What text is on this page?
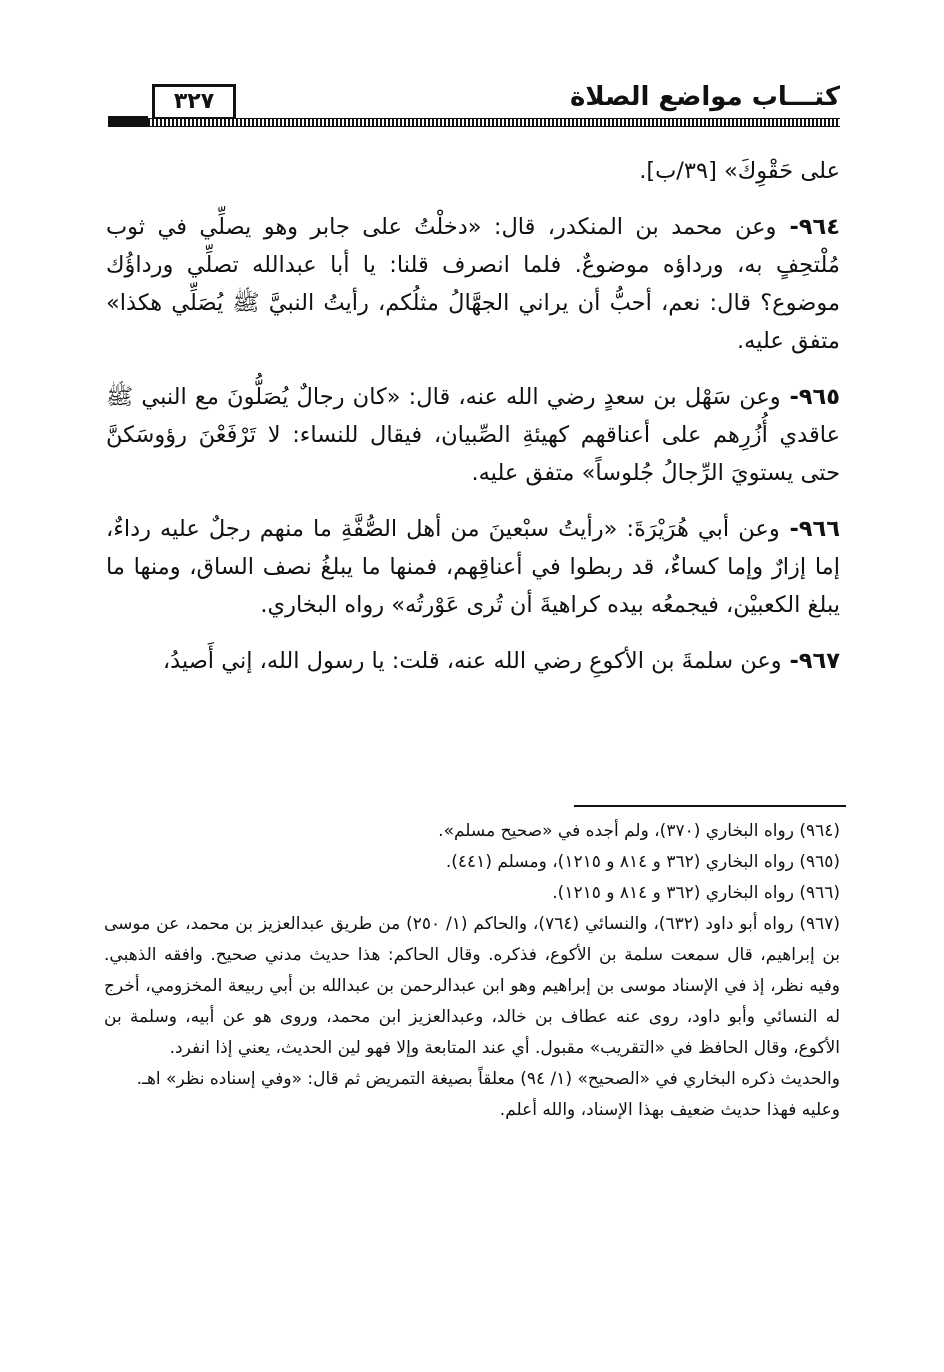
كتـــاب مواضع الصلاة
٣٢٧

على حَقْوِكَ» [٣٩/ب].

٩٦٤- وعن محمد بن المنكدر، قال: «دخلْتُ على جابر وهو يصلِّي في ثوب مُلْتحِفٍ به، ورداؤه موضوعٌ. فلما انصرف قلنا: يا أبا عبدالله تصلِّي ورداؤُك موضوع؟ قال: نعم، أحبُّ أن يراني الجهَّالُ مثلُكم، رأيتُ النبيَّ ﷺ يُصَلِّي هكذا» متفق عليه.

٩٦٥- وعن سَهْل بن سعدٍ رضي الله عنه، قال: «كان رجالٌ يُصَلُّونَ مع النبي ﷺ عاقدي أُزُرِهم على أعناقهم كهيئةِ الصِّبيان، فيقال للنساء: لا تَرْفَعْنَ رؤوسَكنَّ حتى يستويَ الرِّجالُ جُلوساً» متفق عليه.

٩٦٦- وعن أبي هُرَيْرَةَ: «رأيتُ سبْعينَ من أهل الصُّفَّةِ ما منهم رجلٌ عليه رداءٌ، إما إزارٌ وإما كساءٌ، قد ربطوا في أعناقِهم، فمنها ما يبلغُ نصف الساق، ومنها ما يبلغ الكعبيْن، فيجمعُه بيده كراهيةَ أن تُرى عَوْرتُه» رواه البخاري.

٩٦٧- وعن سلمةَ بن الأكوعِ رضي الله عنه، قلت: يا رسول الله، إني أَصيدُ،

(٩٦٤) رواه البخاري (٣٧٠)، ولم أجده في «صحيح مسلم».

(٩٦٥) رواه البخاري (٣٦٢ و ٨١٤ و ١٢١٥)، ومسلم (٤٤١).

(٩٦٦) رواه البخاري (٣٦٢ و ٨١٤ و ١٢١٥).

(٩٦٧) رواه أبو داود (٦٣٢)، والنسائي (٧٦٤)، والحاكم (١/ ٢٥٠) من طريق عبدالعزيز بن محمد، عن موسى بن إبراهيم، قال سمعت سلمة بن الأكوع، فذكره. وقال الحاكم: هذا حديث مدني صحيح. وافقه الذهبي. وفيه نظر، إذ في الإسناد موسى بن إبراهيم وهو ابن عبدالرحمن بن عبدالله بن أبي ربيعة المخزومي، أخرج له النسائي وأبو داود، روى عنه عطاف بن خالد، وعبدالعزيز ابن محمد، وروى هو عن أبيه، وسلمة بن الأكوع، وقال الحافظ في «التقريب» مقبول. أي عند المتابعة وإلا فهو لين الحديث، يعني إذا انفرد.

والحديث ذكره البخاري في «الصحيح» (١/ ٩٤) معلقاً بصيغة التمريض ثم قال: «وفي إسناده نظر» اهـ.

وعليه فهذا حديث ضعيف بهذا الإسناد، والله أعلم.
